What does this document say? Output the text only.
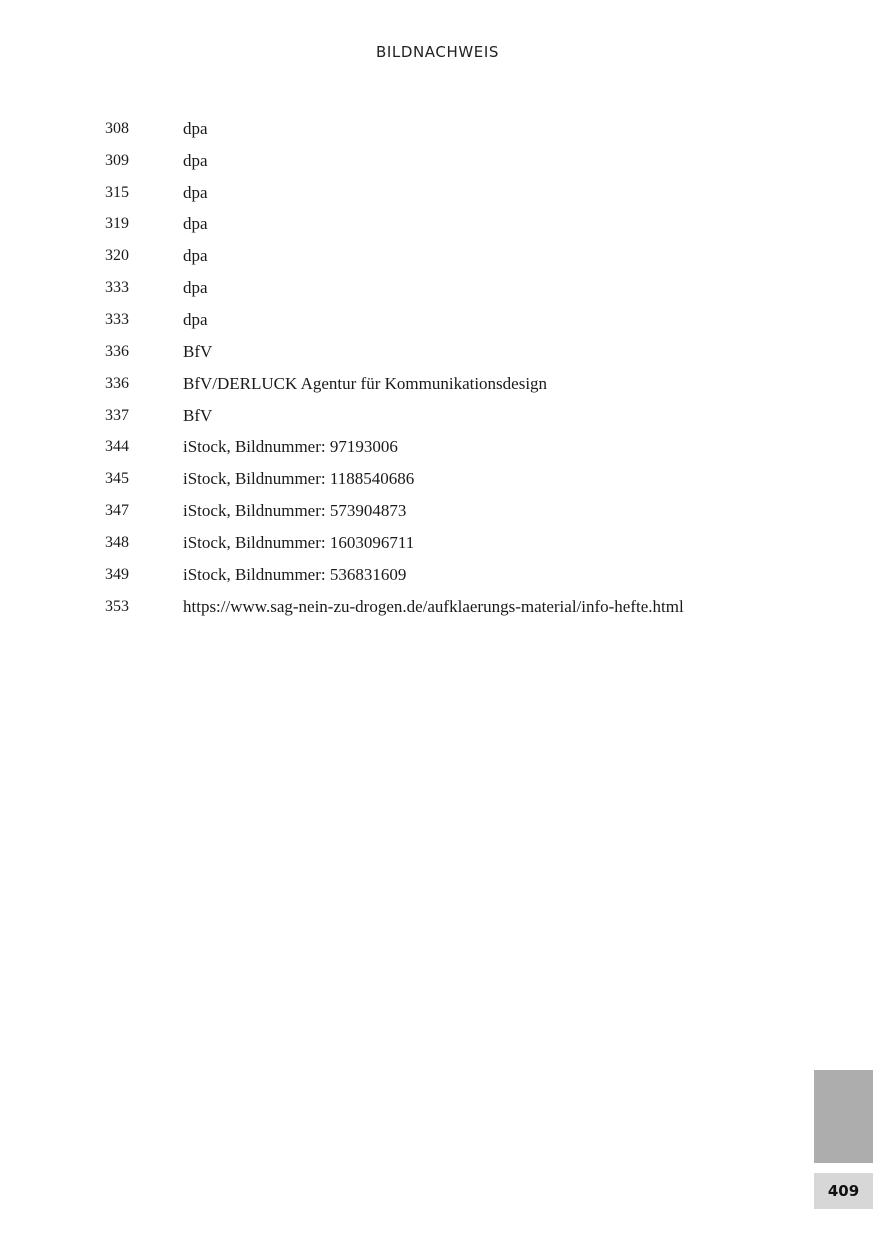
BILDNACHWEIS
308	dpa
309	dpa
315	dpa
319	dpa
320	dpa
333	dpa
333	dpa
336	BfV
336	BfV/DERLUCK Agentur für Kommunikationsdesign
337	BfV
344	iStock, Bildnummer: 97193006
345	iStock, Bildnummer: 1188540686
347	iStock, Bildnummer: 573904873
348	iStock, Bildnummer: 1603096711
349	iStock, Bildnummer: 536831609
353	https://www.sag-nein-zu-drogen.de/aufklaerungs-material/info-hefte.html
409
